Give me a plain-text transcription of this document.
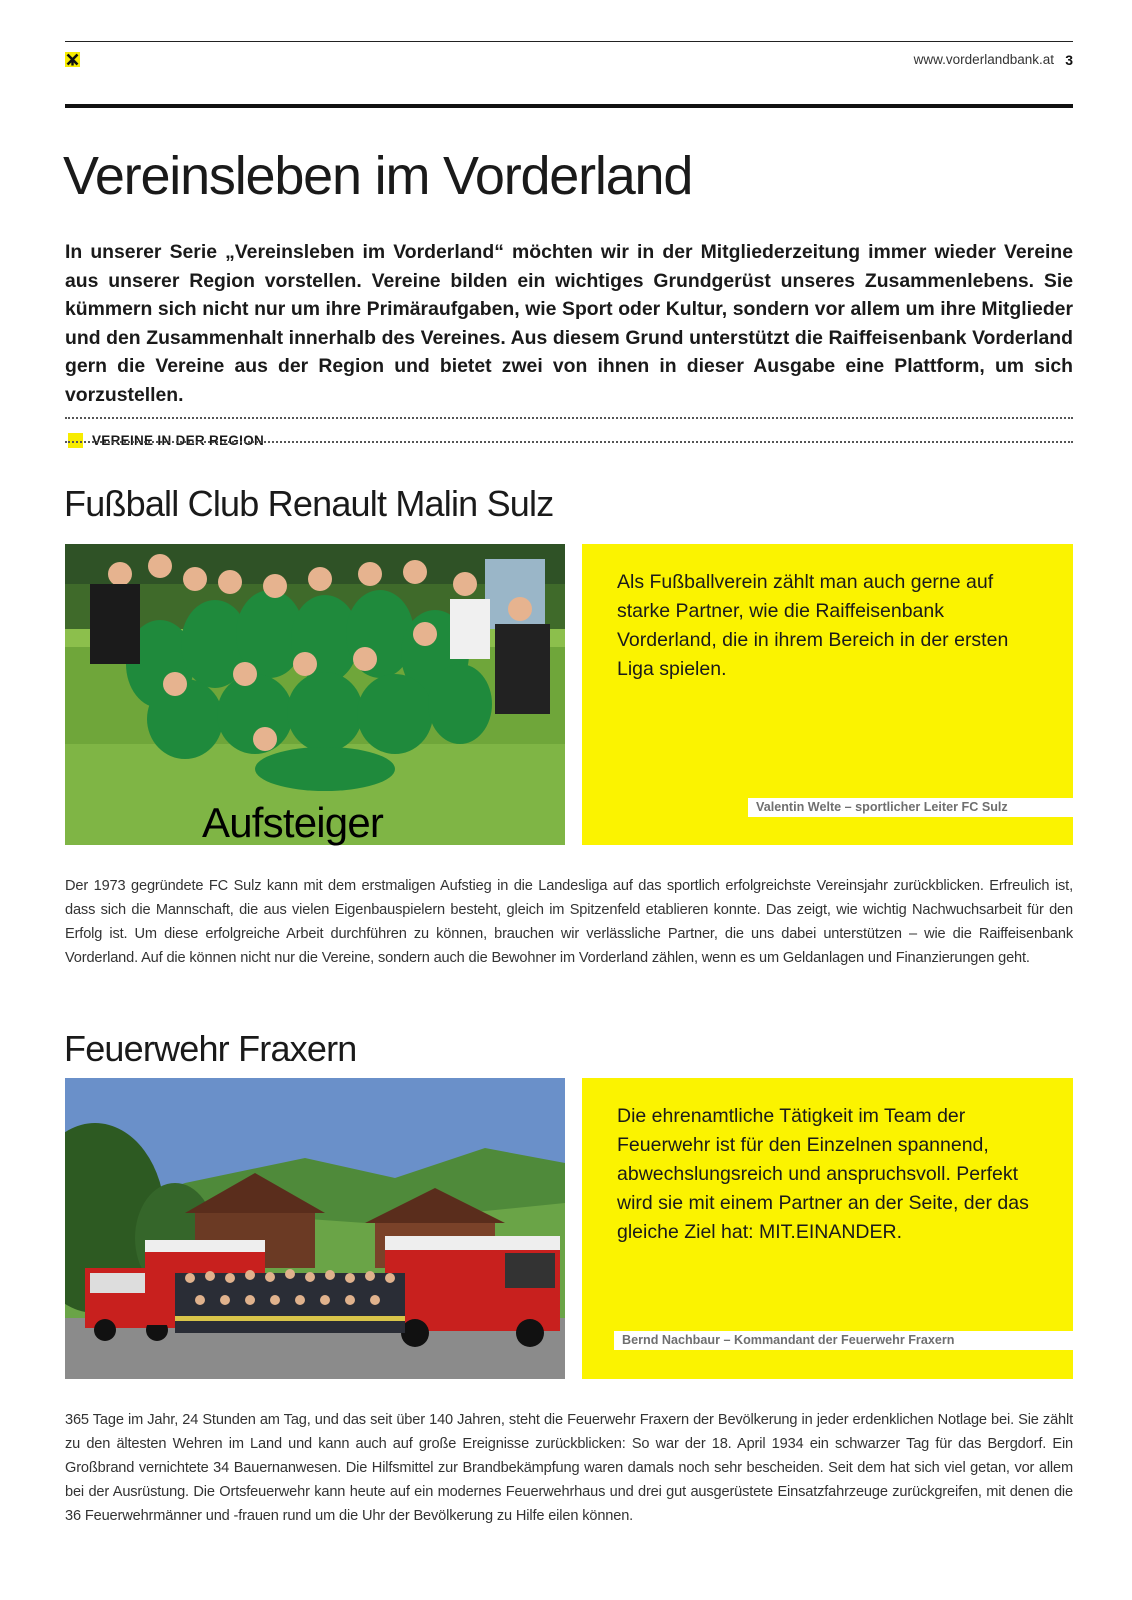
www.vorderlandbank.at 3
Vereinsleben im Vorderland
In unserer Serie „Vereinsleben im Vorderland“ möchten wir in der Mitgliederzeitung immer wieder Vereine aus unserer Region vorstellen. Vereine bilden ein wichtiges Grundgerüst unseres Zusammenlebens. Sie kümmern sich nicht nur um ihre Primäraufgaben, wie Sport oder Kultur, sondern vor allem um ihre Mitglieder und den Zusammenhalt innerhalb des Vereines. Aus diesem Grund unterstützt die Raiffeisenbank Vorderland gern die Vereine aus der Region und bietet zwei von ihnen in dieser Ausgabe eine Plattform, um sich vorzustellen.
VEREINE IN DER REGION
Fußball Club Renault Malin Sulz
Aufsteiger
Als Fußballverein zählt man auch gerne auf starke Partner, wie die Raiffeisenbank Vorderland, die in ihrem Bereich in der ersten Liga spielen.
Valentin Welte – sportlicher Leiter FC Sulz
Der 1973 gegründete FC Sulz kann mit dem erstmaligen Aufstieg in die Landesliga auf das sportlich erfolgreichste Vereinsjahr zurückblicken. Erfreulich ist, dass sich die Mannschaft, die aus vielen Eigenbauspielern besteht, gleich im Spitzenfeld etablieren konnte. Das zeigt, wie wichtig Nachwuchsarbeit für den Erfolg ist. Um diese erfolgreiche Arbeit durchführen zu können, brauchen wir verlässliche Partner, die uns dabei unterstützen – wie die Raiffeisenbank Vorderland. Auf die können nicht nur die Vereine, sondern auch die Bewohner im Vorderland zählen, wenn es um Geldanlagen und Finanzierungen geht.
Feuerwehr Fraxern
Die ehrenamtliche Tätigkeit im Team der Feuerwehr ist für den Einzelnen spannend, abwechslungsreich und anspruchsvoll. Perfekt wird sie mit einem Partner an der Seite, der das gleiche Ziel hat: MIT.EINANDER.
Bernd Nachbaur – Kommandant der Feuerwehr Fraxern
365 Tage im Jahr, 24 Stunden am Tag, und das seit über 140 Jahren, steht die Feuerwehr Fraxern der Bevölkerung in jeder erdenklichen Notlage bei. Sie zählt zu den ältesten Wehren im Land und kann auch auf große Ereignisse zurückblicken: So war der 18. April 1934 ein schwarzer Tag für das Bergdorf. Ein Großbrand vernichtete 34 Bauernanwesen. Die Hilfsmittel zur Brandbekämpfung waren damals noch sehr bescheiden. Seit dem hat sich viel getan, vor allem bei der Ausrüstung. Die Ortsfeuerwehr kann heute auf ein modernes Feuerwehrhaus und drei gut ausgerüstete Einsatzfahrzeuge zurückgreifen, mit denen die 36 Feuerwehrmänner und -frauen rund um die Uhr der Bevölkerung zu Hilfe eilen können.
